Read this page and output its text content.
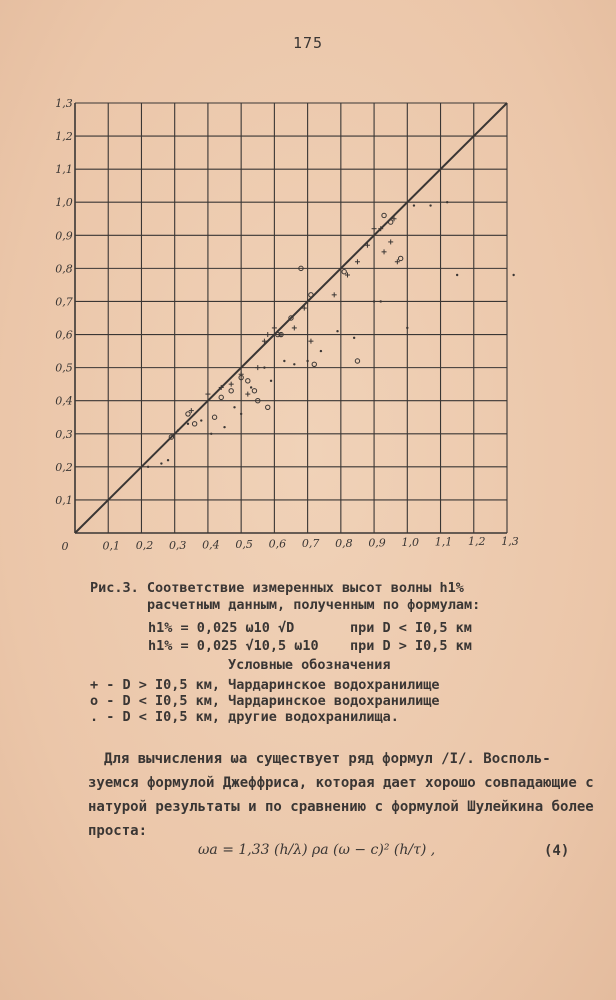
175
0	0,1 0,2 0,3 0,4 0,5 0,6 0,7 0,8 0,9 1,0 1,1 1,2 1,3
0,1
0,2
0,3
0,4
0,5
0,6
0,7
0,8
0,9
1,0
1,1
1,2
1,3
Рис.3. Соответствие измеренных высот волны h1%
расчетным данным, полученным по формулам:
h1% = 0,025 ω10 √D	при D < I0,5 км
h1% = 0,025 √10,5 ω10 при D > I0,5 км
Условные обозначения
+ - D > I0,5 км, Чардаринское водохранилище
o - D < I0,5 км, Чардаринское водохранилище
. - D < I0,5 км, другие водохранилища.
Для вычисления ωa существует ряд формул /I/. Восполь-
зуемся формулой Джеффриса, которая дает хорошо совпадающие с
натурой результаты и по сравнению с формулой Шулейкина более
проста:
ωa = 1,33 (h/λ) ρa (ω − c)² (h/τ) ,	(4)
